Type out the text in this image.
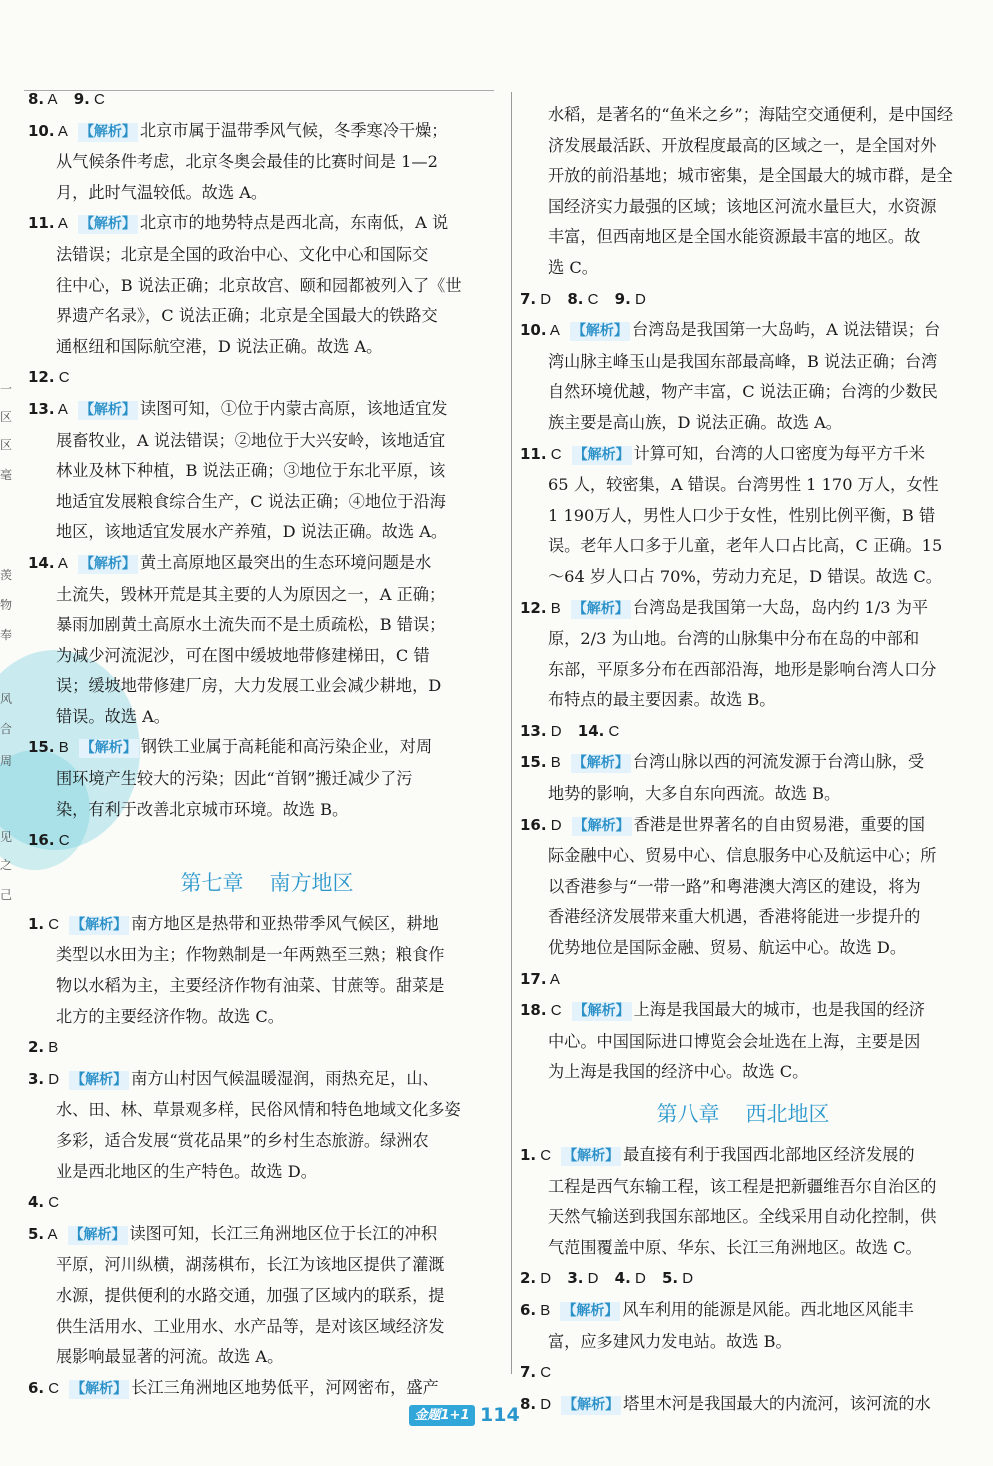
一
区
区
毫
羡
物
奉
风
合
周
见
之
己
8. A  9. C
10. A 【解析】 北京市属于温带季风气候，冬季寒冷干燥；
从气候条件考虑，北京冬奥会最佳的比赛时间是 1—2
月，此时气温较低。故选 A。
11. A 【解析】 北京市的地势特点是西北高，东南低，A 说
法错误；北京是全国的政治中心、文化中心和国际交
往中心，B 说法正确；北京故宫、颐和园都被列入了《世
界遗产名录》，C 说法正确；北京是全国最大的铁路交
通枢纽和国际航空港，D 说法正确。故选 A。
12. C
13. A 【解析】 读图可知，①位于内蒙古高原，该地适宜发
展畜牧业，A 说法错误；②地位于大兴安岭，该地适宜
林业及林下种植，B 说法正确；③地位于东北平原，该
地适宜发展粮食综合生产，C 说法正确；④地位于沿海
地区，该地适宜发展水产养殖，D 说法正确。故选 A。
14. A 【解析】 黄土高原地区最突出的生态环境问题是水
土流失，毁林开荒是其主要的人为原因之一，A 正确；
暴雨加剧黄土高原水土流失而不是土质疏松，B 错误；
为减少河流泥沙，可在图中缓坡地带修建梯田，C 错
误；缓坡地带修建厂房，大力发展工业会减少耕地，D
错误。故选 A。
15. B 【解析】 钢铁工业属于高耗能和高污染企业，对周
围环境产生较大的污染；因此“首钢”搬迁减少了污
染，有利于改善北京城市环境。故选 B。
16. C
第七章 南方地区
1. C 【解析】 南方地区是热带和亚热带季风气候区，耕地
类型以水田为主；作物熟制是一年两熟至三熟；粮食作
物以水稻为主，主要经济作物有油菜、甘蔗等。甜菜是
北方的主要经济作物。故选 C。
2. B
3. D 【解析】 南方山村因气候温暖湿润，雨热充足，山、
水、田、林、草景观多样，民俗风情和特色地域文化多姿
多彩，适合发展“赏花品果”的乡村生态旅游。绿洲农
业是西北地区的生产特色。故选 D。
4. C
5. A 【解析】 读图可知，长江三角洲地区位于长江的冲积
平原，河川纵横，湖荡棋布，长江为该地区提供了灌溉
水源，提供便利的水路交通，加强了区域内的联系，提
供生活用水、工业用水、水产品等，是对该区域经济发
展影响最显著的河流。故选 A。
6. C 【解析】 长江三角洲地区地势低平，河网密布，盛产
水稻，是著名的“鱼米之乡”；海陆空交通便利，是中国经
济发展最活跃、开放程度最高的区域之一，是全国对外
开放的前沿基地；城市密集，是全国最大的城市群，是全
国经济实力最强的区域；该地区河流水量巨大，水资源
丰富，但西南地区是全国水能资源最丰富的地区。故
选 C。
7. D  8. C  9. D
10. A 【解析】 台湾岛是我国第一大岛屿，A 说法错误；台
湾山脉主峰玉山是我国东部最高峰，B 说法正确；台湾
自然环境优越，物产丰富，C 说法正确；台湾的少数民
族主要是高山族，D 说法正确。故选 A。
11. C 【解析】 计算可知，台湾的人口密度为每平方千米
65 人，较密集，A 错误。台湾男性 1 170 万人，女性
1 190万人，男性人口少于女性，性别比例平衡，B 错
误。老年人口多于儿童，老年人口占比高，C 正确。15
～64 岁人口占 70%，劳动力充足，D 错误。故选 C。
12. B 【解析】 台湾岛是我国第一大岛，岛内约 1/3 为平
原，2/3 为山地。台湾的山脉集中分布在岛的中部和
东部，平原多分布在西部沿海，地形是影响台湾人口分
布特点的最主要因素。故选 B。
13. D  14. C
15. B 【解析】 台湾山脉以西的河流发源于台湾山脉，受
地势的影响，大多自东向西流。故选 B。
16. D 【解析】 香港是世界著名的自由贸易港，重要的国
际金融中心、贸易中心、信息服务中心及航运中心；所
以香港参与“一带一路”和粤港澳大湾区的建设，将为
香港经济发展带来重大机遇，香港将能进一步提升的
优势地位是国际金融、贸易、航运中心。故选 D。
17. A
18. C 【解析】 上海是我国最大的城市，也是我国的经济
中心。中国国际进口博览会会址选在上海，主要是因
为上海是我国的经济中心。故选 C。
第八章 西北地区
1. C 【解析】 最直接有利于我国西北部地区经济发展的
工程是西气东输工程，该工程是把新疆维吾尔自治区的
天然气输送到我国东部地区。全线采用自动化控制，供
气范围覆盖中原、华东、长江三角洲地区。故选 C。
2. D  3. D  4. D  5. D
6. B 【解析】 风车利用的能源是风能。西北地区风能丰
富，应多建风力发电站。故选 B。
7. C
8. D 【解析】 塔里木河是我国最大的内流河，该河流的水
金题1+1 114
